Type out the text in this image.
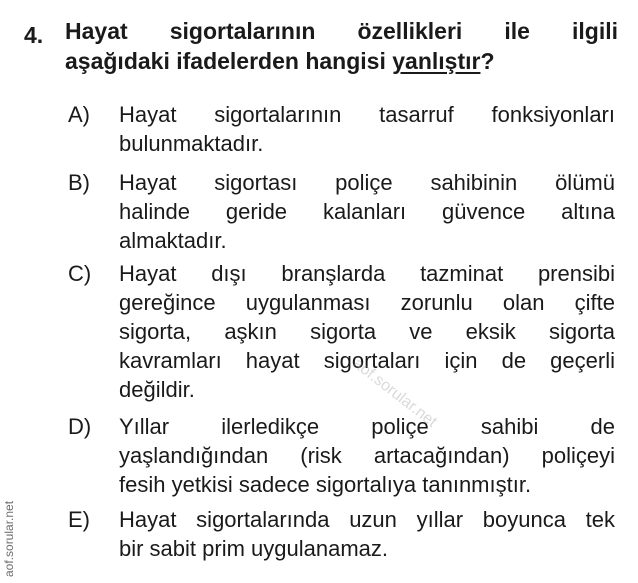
4. Hayat sigortalarının özellikleri ile ilgili
aşağıdaki ifadelerden hangisi yanlıştır?
A) Hayat sigortalarının tasarruf fonksiyonları
bulunmaktadır.
B) Hayat sigortası poliçe sahibinin ölümü
halinde geride kalanları güvence altına
almaktadır.
C) Hayat dışı branşlarda tazminat prensibi
gereğince uygulanması zorunlu olan çifte
sigorta, aşkın sigorta ve eksik sigorta
kavramları hayat sigortaları için de geçerli
değildir.
D) Yıllar ilerledikçe poliçe sahibi de
yaşlandığından (risk artacağından) poliçeyi
fesih yetkisi sadece sigortalıya tanınmıştır.
E) Hayat sigortalarında uzun yıllar boyunca tek
bir sabit prim uygulanamaz.
aof.sorular.net
aof.sorular.net
